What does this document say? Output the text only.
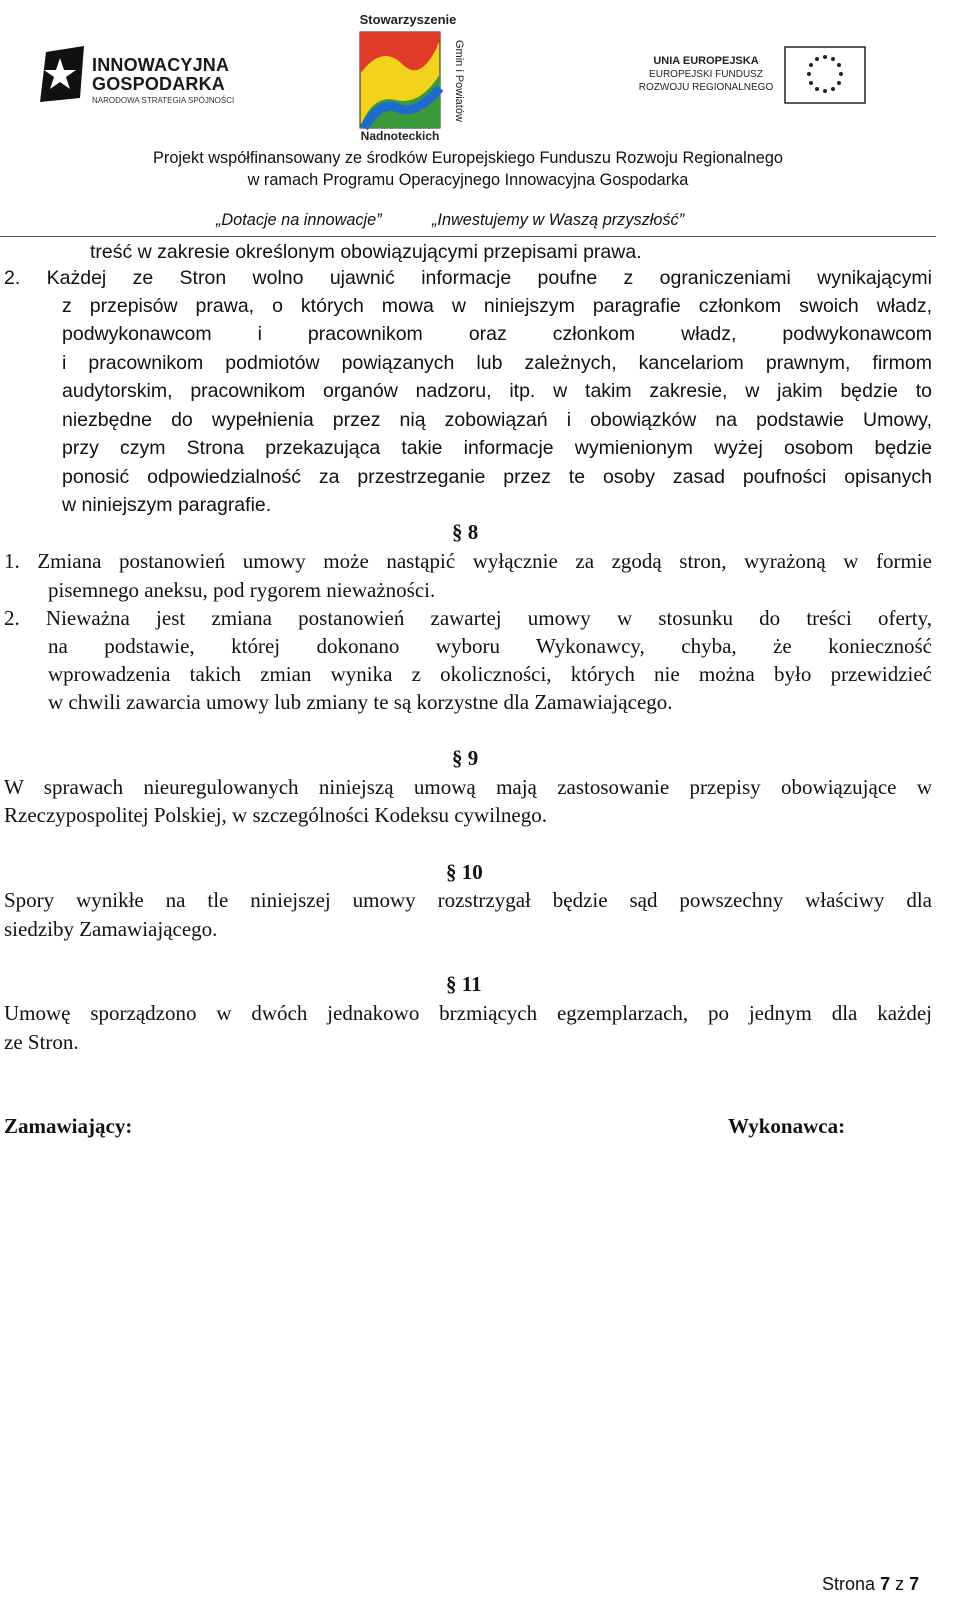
INNOWACYJNA
GOSPODARKA
NARODOWA STRATEGIA SPÓJNOŚCI
Stowarzyszenie
Gmin i Powiatów
Nadnoteckich
UNIA EUROPEJSKA
EUROPEJSKI FUNDUSZ
ROZWOJU REGIONALNEGO
Projekt współfinansowany ze środków Europejskiego Funduszu Rozwoju Regionalnego
w ramach Programu Operacyjnego Innowacyjna Gospodarka
„Dotacje na innowacje”	„Inwestujemy w Waszą przyszłość”
treść w zakresie określonym obowiązującymi przepisami prawa.
2. Każdej ze Stron wolno ujawnić informacje poufne z ograniczeniami wynikającymi
z przepisów prawa, o których mowa w niniejszym paragrafie członkom swoich władz,
podwykonawcom i pracownikom oraz członkom władz, podwykonawcom
i pracownikom podmiotów powiązanych lub zależnych, kancelariom prawnym, firmom
audytorskim, pracownikom organów nadzoru, itp. w takim zakresie, w jakim będzie to
niezbędne do wypełnienia przez nią zobowiązań i obowiązków na podstawie Umowy,
przy czym Strona przekazująca takie informacje wymienionym wyżej osobom będzie
ponosić odpowiedzialność za przestrzeganie przez te osoby zasad poufności opisanych
w niniejszym paragrafie.
§ 8
1. Zmiana postanowień umowy może nastąpić wyłącznie za zgodą stron, wyrażoną w formie
pisemnego aneksu, pod rygorem nieważności.
2. Nieważna jest zmiana postanowień zawartej umowy w stosunku do treści oferty,
na podstawie, której dokonano wyboru Wykonawcy, chyba, że konieczność
wprowadzenia takich zmian wynika z okoliczności, których nie można było przewidzieć
w chwili zawarcia umowy lub zmiany te są korzystne dla Zamawiającego.
§ 9
W sprawach nieuregulowanych niniejszą umową mają zastosowanie przepisy obowiązujące w
Rzeczypospolitej Polskiej, w szczególności Kodeksu cywilnego.
§ 10
Spory wynikłe na tle niniejszej umowy rozstrzygał będzie sąd powszechny właściwy dla
siedziby Zamawiającego.
§ 11
Umowę sporządzono w dwóch jednakowo brzmiących egzemplarzach, po jednym dla każdej
ze Stron.
Zamawiający:	Wykonawca:
Strona 7 z 7
